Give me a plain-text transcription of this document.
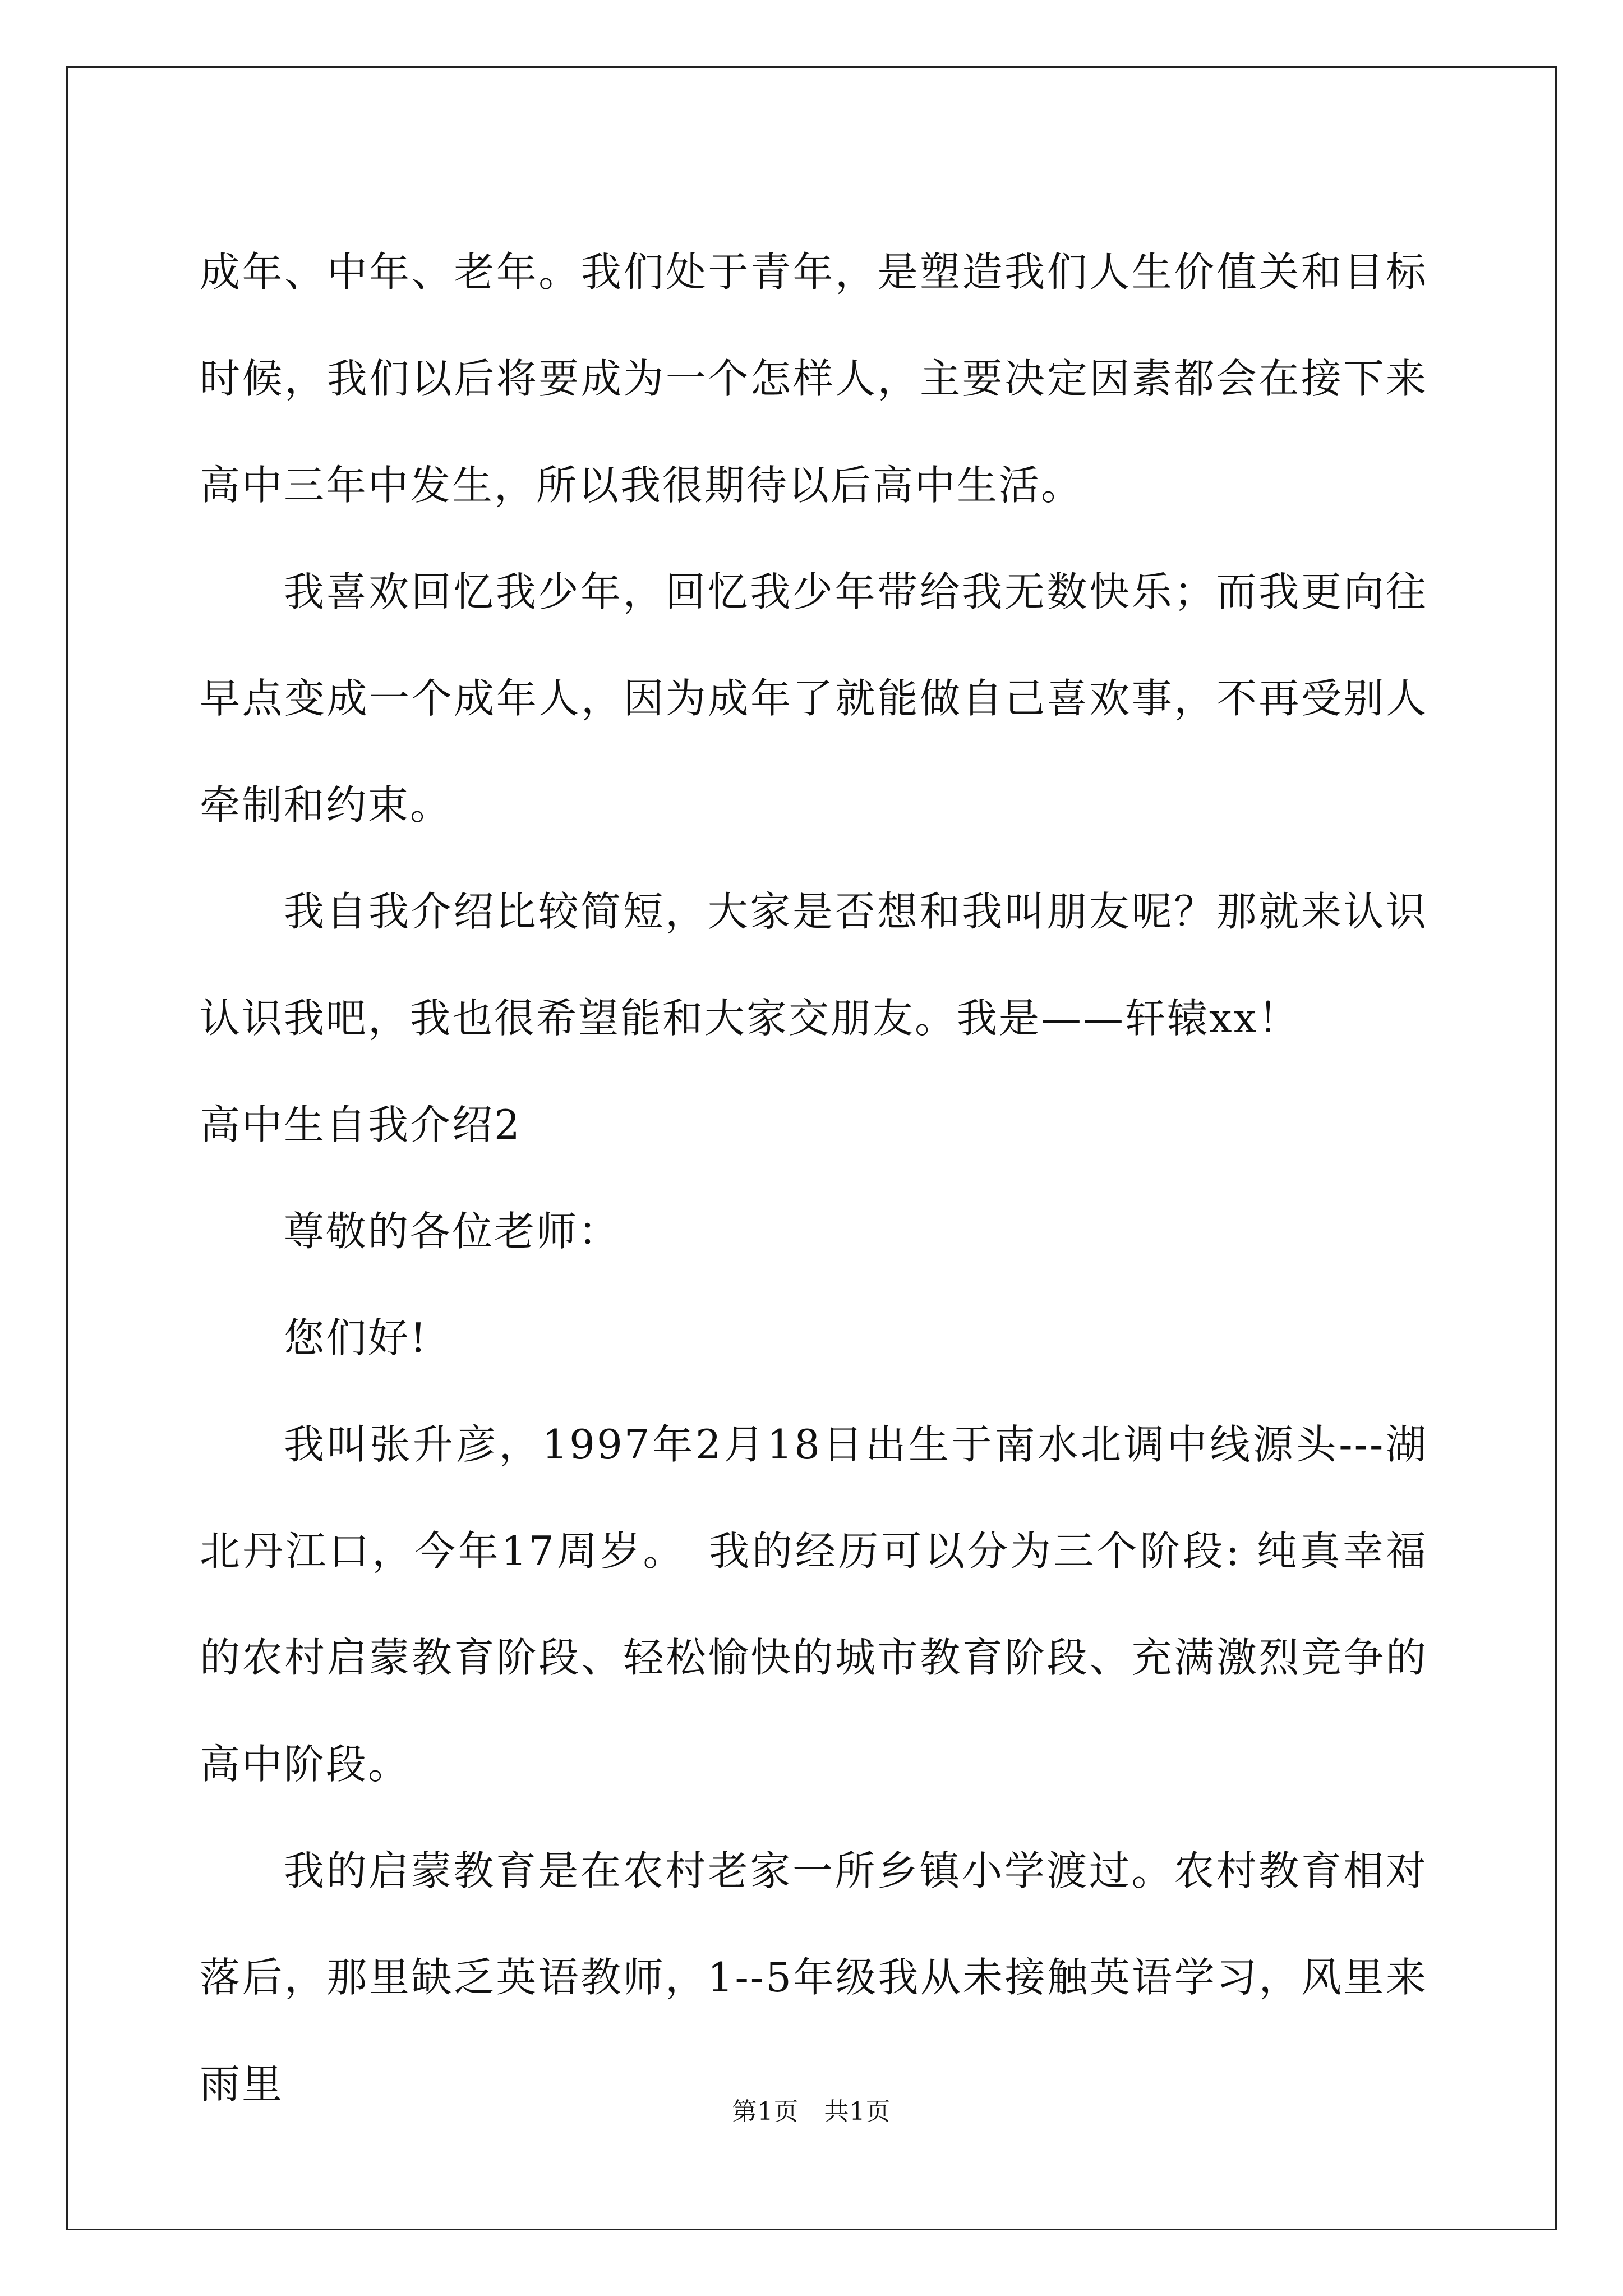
成年、中年、老年。我们处于青年，是塑造我们人生价值关和目标时候，我们以后将要成为一个怎样人，主要决定因素都会在接下来高中三年中发生，所以我很期待以后高中生活。

我喜欢回忆我少年，回忆我少年带给我无数快乐；而我更向往早点变成一个成年人，因为成年了就能做自己喜欢事，不再受别人牵制和约束。

我自我介绍比较简短，大家是否想和我叫朋友呢？那就来认识认识我吧，我也很希望能和大家交朋友。我是——轩辕xx！

高中生自我介绍2

尊敬的各位老师：

您们好!

我叫张升彦，1997年2月18日出生于南水北调中线源头---湖北丹江口，今年17周岁。　我的经历可以分为三个阶段: 纯真幸福的农村启蒙教育阶段、轻松愉快的城市教育阶段、充满激烈竞争的高中阶段。

我的启蒙教育是在农村老家一所乡镇小学渡过。农村教育相对落后，那里缺乏英语教师，1--5年级我从未接触英语学习，风里来雨里

第1页　共1页
